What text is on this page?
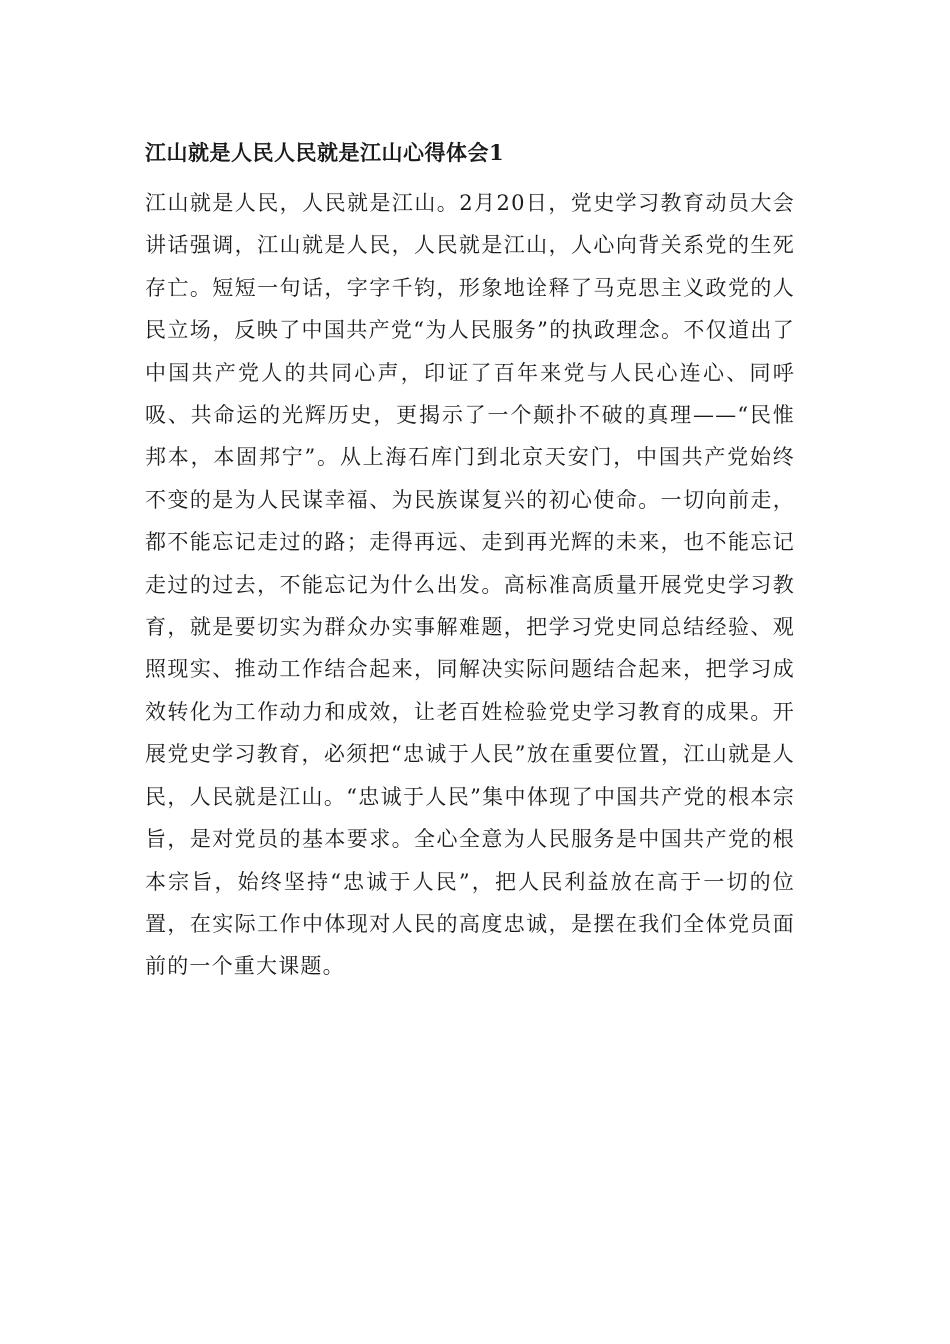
江山就是人民人民就是江山心得体会1

江山就是人民，人民就是江山。2月20日，党史学习教育动员大会讲话强调，江山就是人民，人民就是江山，人心向背关系党的生死存亡。短短一句话，字字千钧，形象地诠释了马克思主义政党的人民立场，反映了中国共产党“为人民服务”的执政理念。不仅道出了中国共产党人的共同心声，印证了百年来党与人民心连心、同呼吸、共命运的光辉历史，更揭示了一个颠扑不破的真理——“民惟邦本，本固邦宁”。从上海石库门到北京天安门，中国共产党始终不变的是为人民谋幸福、为民族谋复兴的初心使命。一切向前走，都不能忘记走过的路；走得再远、走到再光辉的未来，也不能忘记走过的过去，不能忘记为什么出发。高标准高质量开展党史学习教育，就是要切实为群众办实事解难题，把学习党史同总结经验、观照现实、推动工作结合起来，同解决实际问题结合起来，把学习成效转化为工作动力和成效，让老百姓检验党史学习教育的成果。开展党史学习教育，必须把“忠诚于人民”放在重要位置，江山就是人民，人民就是江山。“忠诚于人民”集中体现了中国共产党的根本宗旨，是对党员的基本要求。全心全意为人民服务是中国共产党的根本宗旨，始终坚持“忠诚于人民”，把人民利益放在高于一切的位置，在实际工作中体现对人民的高度忠诚，是摆在我们全体党员面前的一个重大课题。
